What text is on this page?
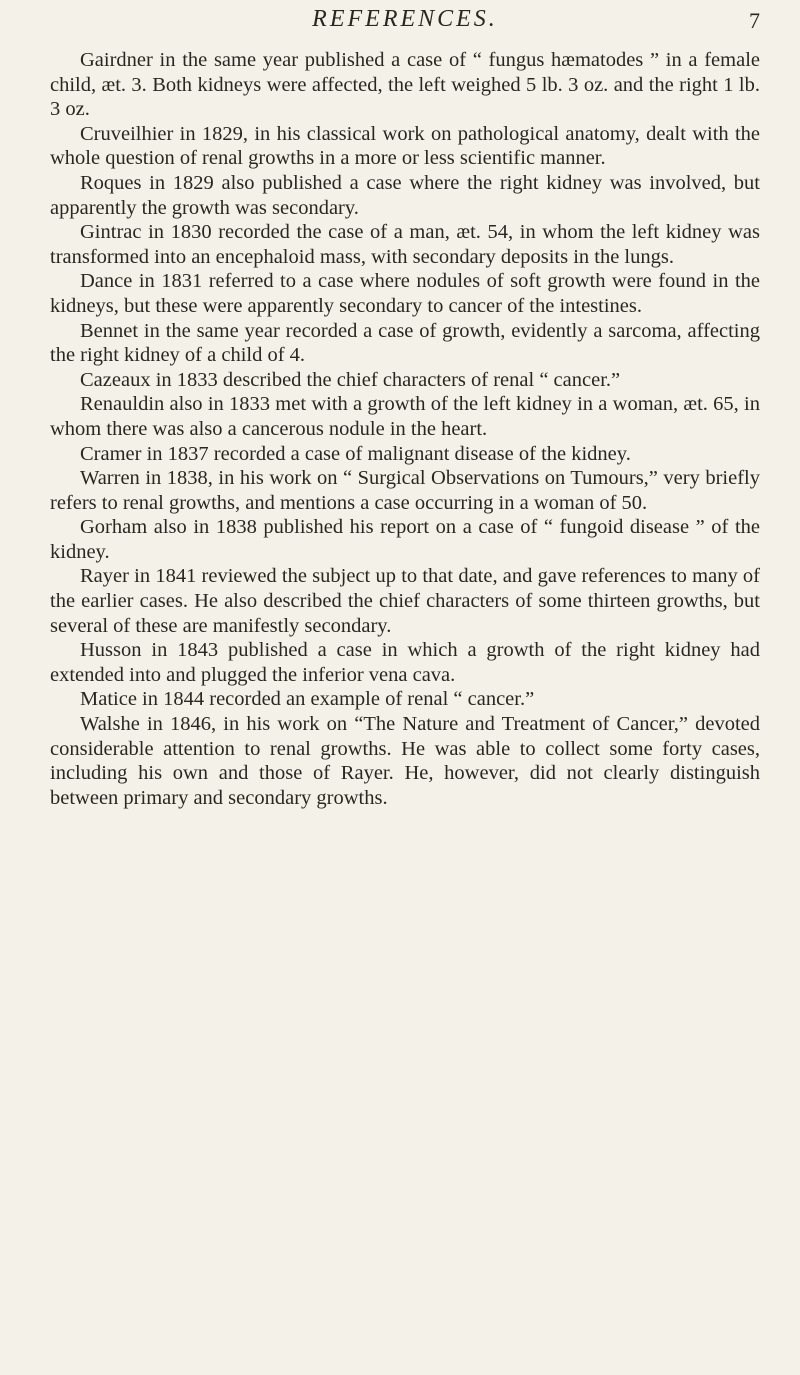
REFERENCES.	7

Gairdner in the same year published a case of “ fungus hæmatodes ” in a female child, æt. 3. Both kidneys were affected, the left weighed 5 lb. 3 oz. and the right 1 lb. 3 oz.

Cruveilhier in 1829, in his classical work on pathological anatomy, dealt with the whole question of renal growths in a more or less scientific manner.

Roques in 1829 also published a case where the right kidney was involved, but apparently the growth was secondary.

Gintrac in 1830 recorded the case of a man, æt. 54, in whom the left kidney was transformed into an encephaloid mass, with secondary deposits in the lungs.

Dance in 1831 referred to a case where nodules of soft growth were found in the kidneys, but these were apparently secondary to cancer of the intestines.

Bennet in the same year recorded a case of growth, evidently a sarcoma, affecting the right kidney of a child of 4.

Cazeaux in 1833 described the chief characters of renal “ cancer.”

Renauldin also in 1833 met with a growth of the left kidney in a woman, æt. 65, in whom there was also a cancerous nodule in the heart.

Cramer in 1837 recorded a case of malignant disease of the kidney.

Warren in 1838, in his work on “ Surgical Observations on Tumours,” very briefly refers to renal growths, and mentions a case occurring in a woman of 50.

Gorham also in 1838 published his report on a case of “ fungoid disease ” of the kidney.

Rayer in 1841 reviewed the subject up to that date, and gave references to many of the earlier cases. He also described the chief characters of some thirteen growths, but several of these are manifestly secondary.

Husson in 1843 published a case in which a growth of the right kidney had extended into and plugged the inferior vena cava.

Matice in 1844 recorded an example of renal “ cancer.”

Walshe in 1846, in his work on “The Nature and Treatment of Cancer,” devoted considerable attention to renal growths. He was able to collect some forty cases, including his own and those of Rayer. He, however, did not clearly distinguish between primary and secondary growths.
